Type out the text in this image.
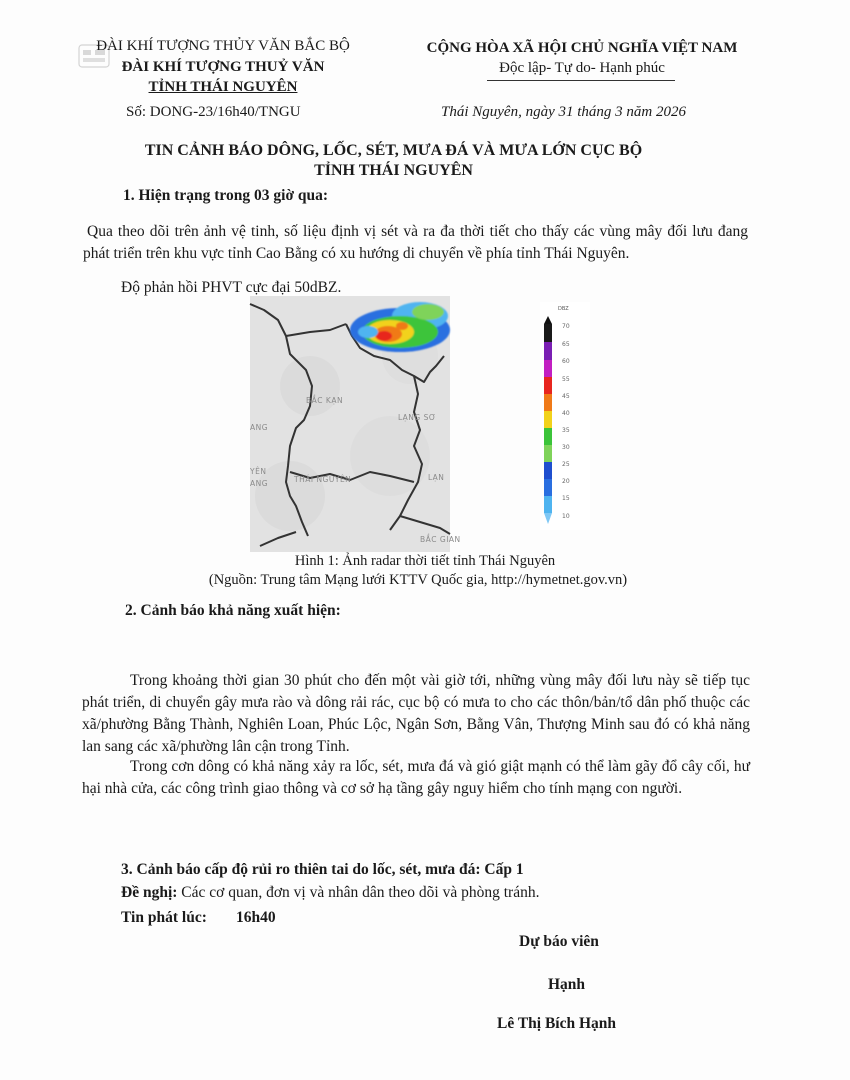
ĐÀI KHÍ TƯỢNG THỦY VĂN BẮC BỘ
ĐÀI KHÍ TƯỢNG THUỶ VĂN
TỈNH THÁI NGUYÊN
Số: DONG-23/16h40/TNGU
CỘNG HÒA XÃ HỘI CHỦ NGHĨA VIỆT NAM
Độc lập- Tự do- Hạnh phúc
Thái Nguyên, ngày 31 tháng 3 năm 2026
TIN CẢNH BÁO DÔNG, LỐC, SÉT, MƯA ĐÁ VÀ MƯA LỚN CỤC BỘ
TỈNH THÁI NGUYÊN
1. Hiện trạng trong 03 giờ qua:
Qua theo dõi trên ảnh vệ tinh, số liệu định vị sét và ra đa thời tiết cho thấy các vùng mây đối lưu đang phát triển trên khu vực tỉnh Cao Bằng có xu hướng di chuyển về phía tỉnh Thái Nguyên.
Độ phản hồi PHVT cực đại 50dBZ.
BẮC KẠN
LẠNG SƠ
ANG
YÊN
ANG	THÁI NGUYÊN	LẠN
BẮC GIAN
DBZ
70
65
60
55
45
40
35
30
25
20
15
10
Hình 1: Ảnh radar thời tiết tỉnh Thái Nguyên
(Nguồn: Trung tâm Mạng lưới KTTV Quốc gia, http://hymetnet.gov.vn)
2. Cảnh báo khả năng xuất hiện:
Trong khoảng thời gian 30 phút cho đến một vài giờ tới, những vùng mây đối lưu này sẽ tiếp tục phát triển, di chuyển gây mưa rào và dông rải rác, cục bộ có mưa to cho các thôn/bản/tổ dân phố thuộc các xã/phường Bằng Thành, Nghiên Loan, Phúc Lộc, Ngân Sơn, Bằng Vân, Thượng Minh sau đó có khả năng lan sang các xã/phường lân cận trong Tỉnh.
Trong cơn dông có khả năng xảy ra lốc, sét, mưa đá và gió giật mạnh có thể làm gãy đổ cây cối, hư hại nhà cửa, các công trình giao thông và cơ sở hạ tầng gây nguy hiểm cho tính mạng con người.
3. Cảnh báo cấp độ rủi ro thiên tai do lốc, sét, mưa đá: Cấp 1
Đề nghị: Các cơ quan, đơn vị và nhân dân theo dõi và phòng tránh.
Tin phát lúc: 16h40
Dự báo viên
Hạnh
Lê Thị Bích Hạnh
